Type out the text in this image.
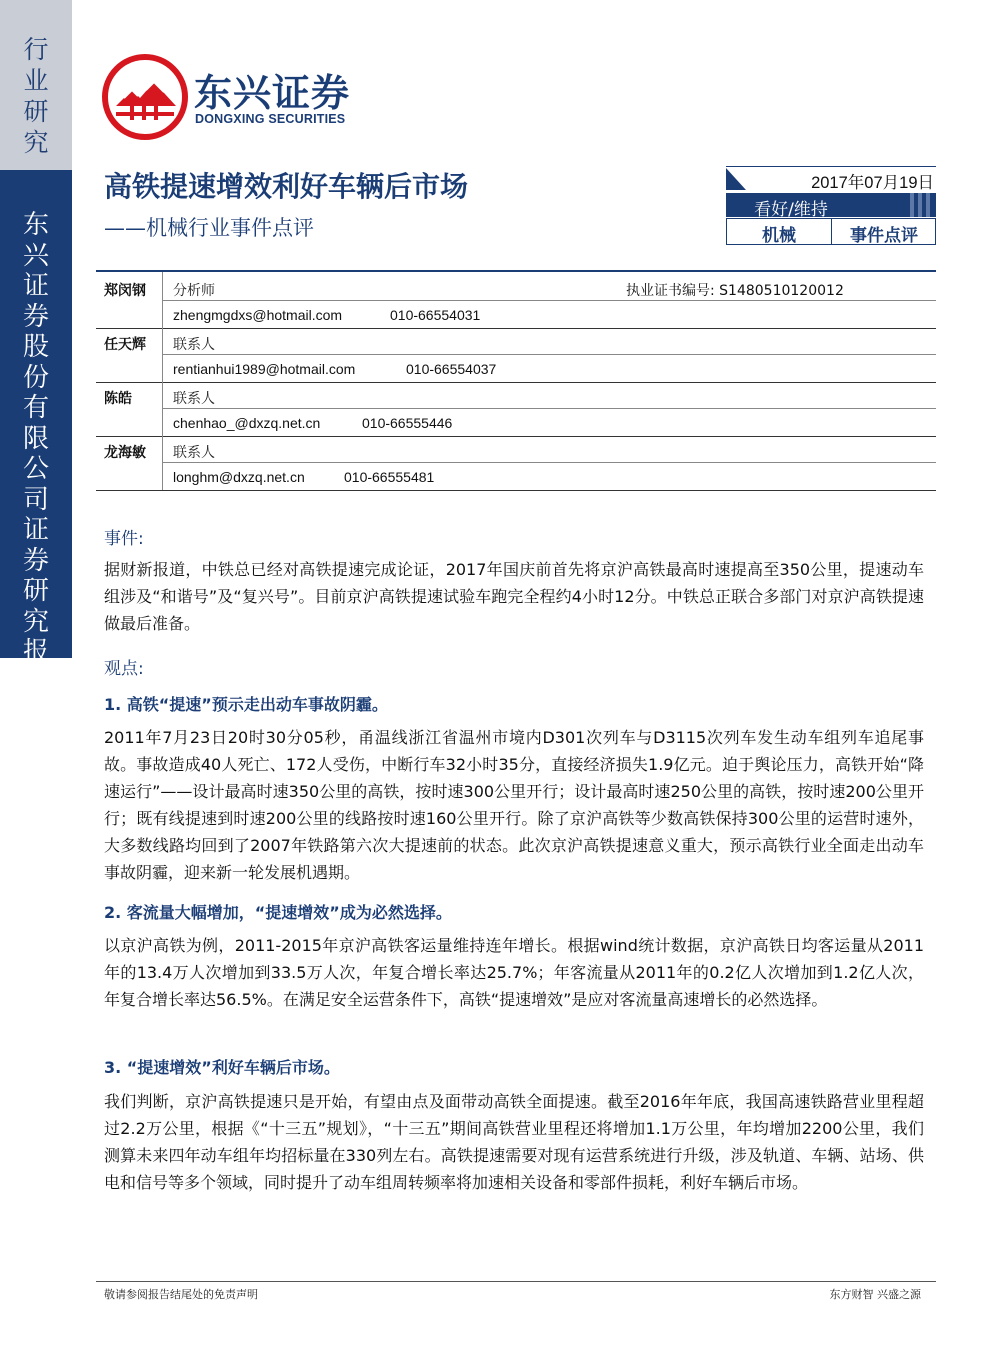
行
业
研
究
东
兴
证
券
股
份
有
限
公
司
证
券
研
究
报
告
东兴证券
DONGXING SECURITIES
高铁提速增效利好车辆后市场
——机械行业事件点评
2017年07月19日
看好/维持
机械	事件点评
郑闵钢 分析师	执业证书编号: S1480510120012
zhengmgdxs@hotmail.com	010-66554031
任天辉 联系人
rentianhui1989@hotmail.com	010-66554037
陈皓	联系人
chenhao_@dxzq.net.cn	010-66555446
龙海敏 联系人
longhm@dxzq.net.cn	010-66555481
事件:
据财新报道，中铁总已经对高铁提速完成论证，2017年国庆前首先将京沪高铁最高时速提高至350公里，提速动车组涉及“和谐号”及“复兴号”。目前京沪高铁提速试验车跑完全程约4小时12分。中铁总正联合多部门对京沪高铁提速做最后准备。
观点:
1. 高铁“提速”预示走出动车事故阴霾。
2011年7月23日20时30分05秒，甬温线浙江省温州市境内D301次列车与D3115次列车发生动车组列车追尾事故。事故造成40人死亡、172人受伤，中断行车32小时35分，直接经济损失1.9亿元。迫于舆论压力，高铁开始“降速运行”——设计最高时速350公里的高铁，按时速300公里开行；设计最高时速250公里的高铁，按时速200公里开行；既有线提速到时速200公里的线路按时速160公里开行。除了京沪高铁等少数高铁保持300公里的运营时速外，大多数线路均回到了2007年铁路第六次大提速前的状态。此次京沪高铁提速意义重大，预示高铁行业全面走出动车事故阴霾，迎来新一轮发展机遇期。
2. 客流量大幅增加，“提速增效”成为必然选择。
以京沪高铁为例，2011-2015年京沪高铁客运量维持连年增长。根据wind统计数据，京沪高铁日均客运量从2011年的13.4万人次增加到33.5万人次，年复合增长率达25.7%；年客流量从2011年的0.2亿人次增加到1.2亿人次，年复合增长率达56.5%。在满足安全运营条件下，高铁“提速增效”是应对客流量高速增长的必然选择。
3. “提速增效”利好车辆后市场。
我们判断，京沪高铁提速只是开始，有望由点及面带动高铁全面提速。截至2016年年底，我国高速铁路营业里程超过2.2万公里，根据《“十三五”规划》，“十三五”期间高铁营业里程还将增加1.1万公里，年均增加2200公里，我们测算未来四年动车组年均招标量在330列左右。高铁提速需要对现有运营系统进行升级，涉及轨道、车辆、站场、供电和信号等多个领域，同时提升了动车组周转频率将加速相关设备和零部件损耗，利好车辆后市场。
敬请参阅报告结尾处的免责声明	东方财智 兴盛之源
